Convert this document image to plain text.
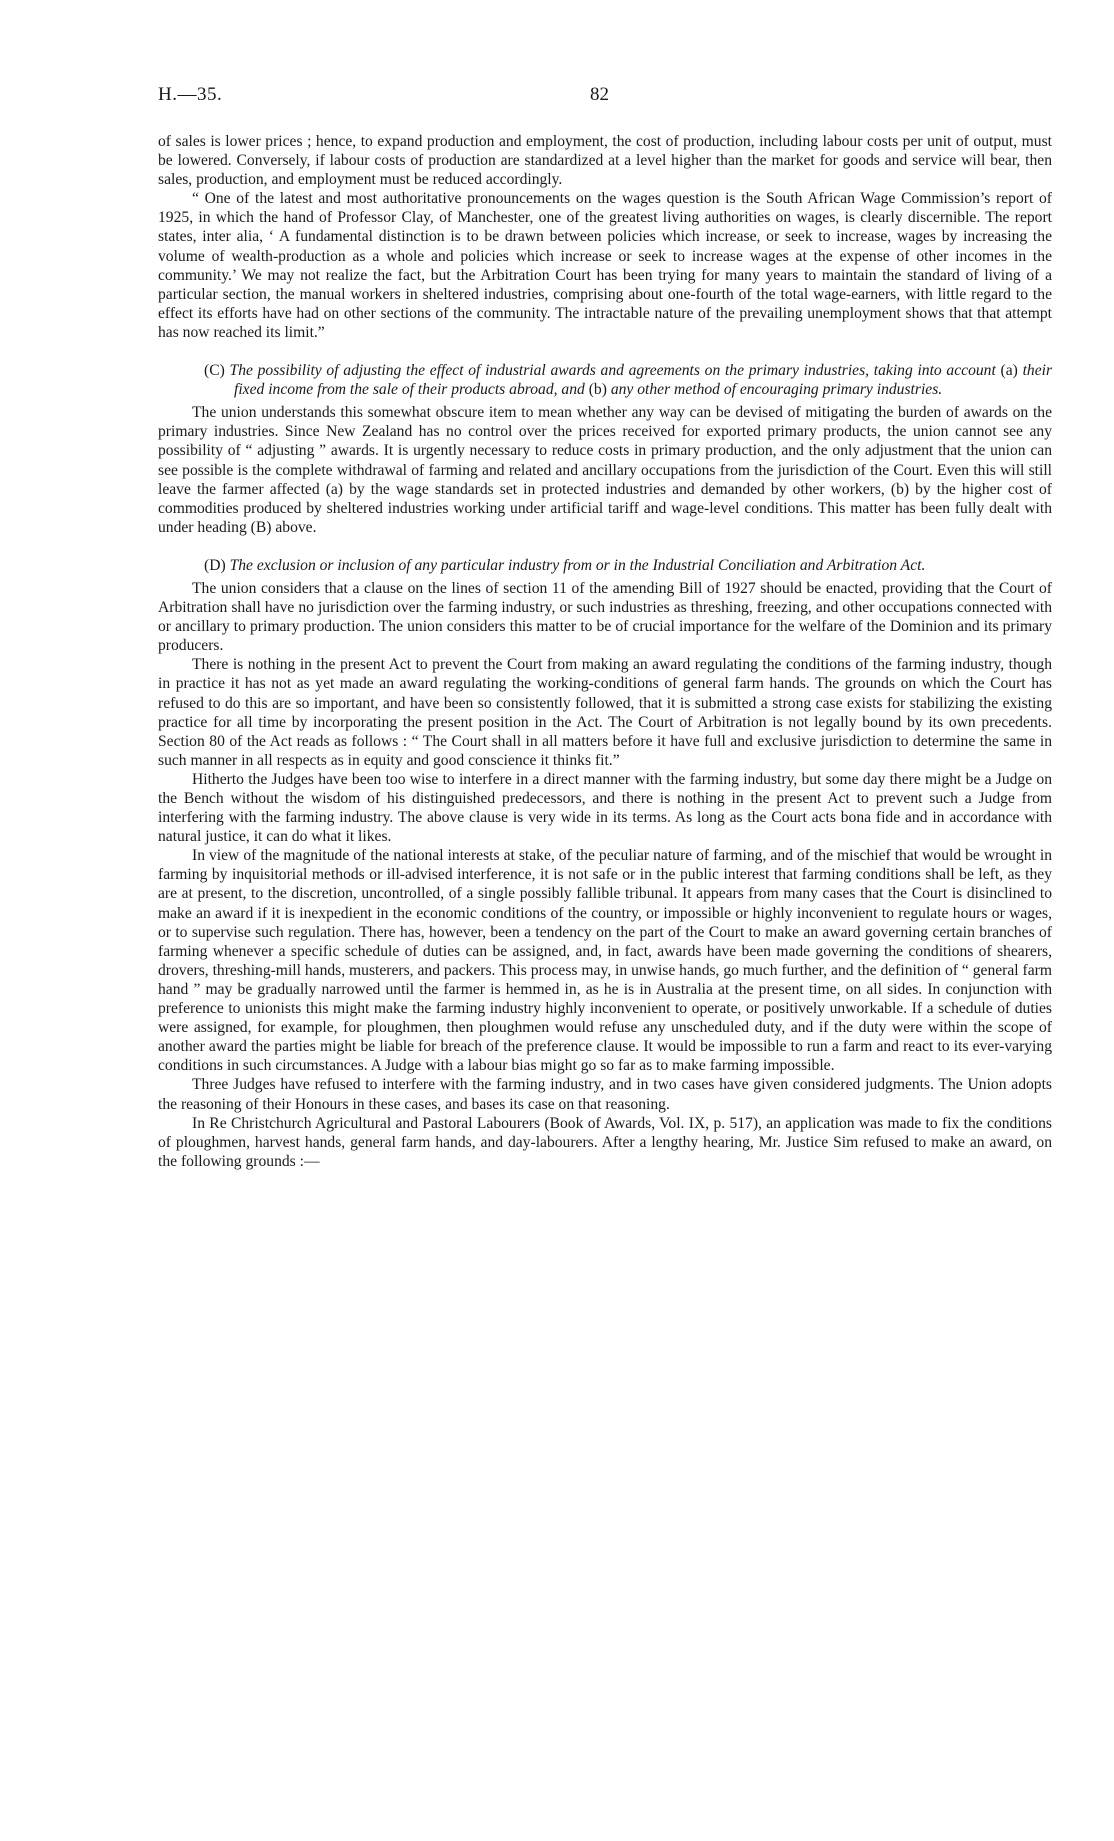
H.—35.	82

of sales is lower prices ; hence, to expand production and employment, the cost of production, including labour costs per unit of output, must be lowered. Conversely, if labour costs of production are standardized at a level higher than the market for goods and service will bear, then sales, production, and employment must be reduced accordingly.

“ One of the latest and most authoritative pronouncements on the wages question is the South African Wage Commission’s report of 1925, in which the hand of Professor Clay, of Manchester, one of the greatest living authorities on wages, is clearly discernible. The report states, inter alia, ‘ A fundamental distinction is to be drawn between policies which increase, or seek to increase, wages by increasing the volume of wealth-production as a whole and policies which increase or seek to increase wages at the expense of other incomes in the community.’ We may not realize the fact, but the Arbitration Court has been trying for many years to maintain the standard of living of a particular section, the manual workers in sheltered industries, comprising about one-fourth of the total wage-earners, with little regard to the effect its efforts have had on other sections of the community. The intractable nature of the prevailing unemployment shows that that attempt has now reached its limit.”

(C) The possibility of adjusting the effect of industrial awards and agreements on the primary industries, taking into account (a) their fixed income from the sale of their products abroad, and (b) any other method of encouraging primary industries.

The union understands this somewhat obscure item to mean whether any way can be devised of mitigating the burden of awards on the primary industries. Since New Zealand has no control over the prices received for exported primary products, the union cannot see any possibility of “ adjusting ” awards. It is urgently necessary to reduce costs in primary production, and the only adjustment that the union can see possible is the complete withdrawal of farming and related and ancillary occupations from the jurisdiction of the Court. Even this will still leave the farmer affected (a) by the wage standards set in protected industries and demanded by other workers, (b) by the higher cost of commodities produced by sheltered industries working under artificial tariff and wage-level conditions. This matter has been fully dealt with under heading (B) above.

(D) The exclusion or inclusion of any particular industry from or in the Industrial Conciliation and Arbitration Act.

The union considers that a clause on the lines of section 11 of the amending Bill of 1927 should be enacted, providing that the Court of Arbitration shall have no jurisdiction over the farming industry, or such industries as threshing, freezing, and other occupations connected with or ancillary to primary production. The union considers this matter to be of crucial importance for the welfare of the Dominion and its primary producers.

There is nothing in the present Act to prevent the Court from making an award regulating the conditions of the farming industry, though in practice it has not as yet made an award regulating the working-conditions of general farm hands. The grounds on which the Court has refused to do this are so important, and have been so consistently followed, that it is submitted a strong case exists for stabilizing the existing practice for all time by incorporating the present position in the Act. The Court of Arbitration is not legally bound by its own precedents. Section 80 of the Act reads as follows : “ The Court shall in all matters before it have full and exclusive jurisdiction to determine the same in such manner in all respects as in equity and good conscience it thinks fit.”

Hitherto the Judges have been too wise to interfere in a direct manner with the farming industry, but some day there might be a Judge on the Bench without the wisdom of his distinguished predecessors, and there is nothing in the present Act to prevent such a Judge from interfering with the farming industry. The above clause is very wide in its terms. As long as the Court acts bona fide and in accordance with natural justice, it can do what it likes.

In view of the magnitude of the national interests at stake, of the peculiar nature of farming, and of the mischief that would be wrought in farming by inquisitorial methods or ill-advised interference, it is not safe or in the public interest that farming conditions shall be left, as they are at present, to the discretion, uncontrolled, of a single possibly fallible tribunal. It appears from many cases that the Court is disinclined to make an award if it is inexpedient in the economic conditions of the country, or impossible or highly inconvenient to regulate hours or wages, or to supervise such regulation. There has, however, been a tendency on the part of the Court to make an award governing certain branches of farming whenever a specific schedule of duties can be assigned, and, in fact, awards have been made governing the conditions of shearers, drovers, threshing-mill hands, musterers, and packers. This process may, in unwise hands, go much further, and the definition of “ general farm hand ” may be gradually narrowed until the farmer is hemmed in, as he is in Australia at the present time, on all sides. In conjunction with preference to unionists this might make the farming industry highly inconvenient to operate, or positively unworkable. If a schedule of duties were assigned, for example, for ploughmen, then ploughmen would refuse any unscheduled duty, and if the duty were within the scope of another award the parties might be liable for breach of the preference clause. It would be impossible to run a farm and react to its ever-varying conditions in such circumstances. A Judge with a labour bias might go so far as to make farming impossible.

Three Judges have refused to interfere with the farming industry, and in two cases have given considered judgments. The Union adopts the reasoning of their Honours in these cases, and bases its case on that reasoning.

In Re Christchurch Agricultural and Pastoral Labourers (Book of Awards, Vol. IX, p. 517), an application was made to fix the conditions of ploughmen, harvest hands, general farm hands, and day-labourers. After a lengthy hearing, Mr. Justice Sim refused to make an award, on the following grounds :—
